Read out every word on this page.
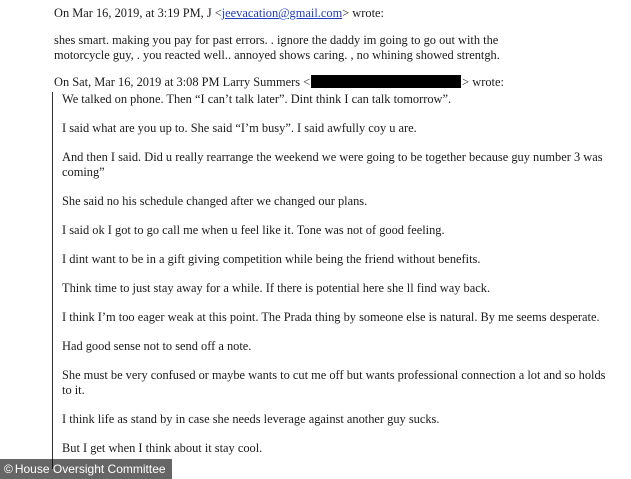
On Mar 16, 2019, at 3:19 PM, J <jeevacation@gmail.com> wrote:

shes smart. making you pay for past errors. . ignore the daddy im going to go out with the

motorcycle guy, . you reacted well.. annoyed shows caring. , no whining showed strentgh.

On Sat, Mar 16, 2019 at 3:08 PM Larry Summers <	> wrote:

We talked on phone. Then “I can’t talk later”. Dint think I can talk tomorrow”.

I said what are you up to. She said “I’m busy”. I said awfully coy u are.

And then I said. Did u really rearrange the weekend we were going to be together because guy number 3 was coming”

She said no his schedule changed after we changed our plans.

I said ok I got to go call me when u feel like it. Tone was not of good feeling.

I dint want to be in a gift giving competition while being the friend without benefits.

Think time to just stay away for a while. If there is potential here she ll find way back.

I think I’m too eager weak at this point. The Prada thing by someone else is natural. By me seems desperate.

Had good sense not to send off a note.

She must be very confused or maybe wants to cut me off but wants professional connection a lot and so holds to it.

I think life as stand by in case she needs leverage against another guy sucks.

But I get when I think about it stay cool.

© House Oversight Committee
